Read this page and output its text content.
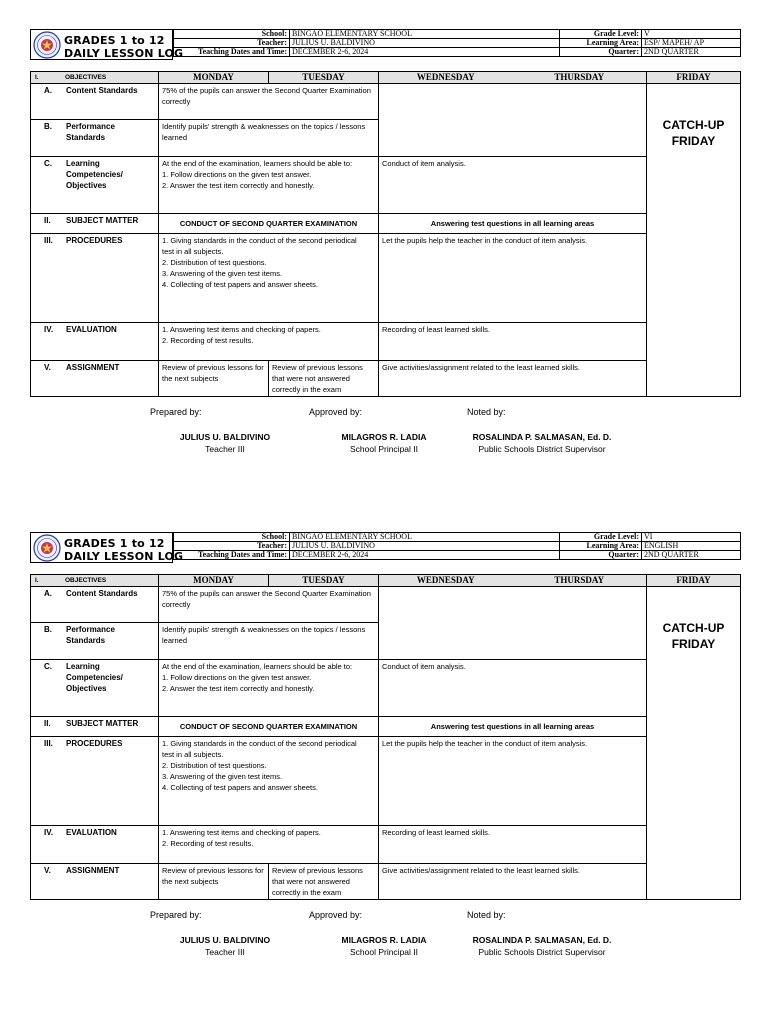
GRADES 1 to 12
DAILY LESSON LOG
School:	BINGAO ELEMENTARY SCHOOL	Grade Level:	V
Teacher:	JULIUS U. BALDIVINO	Learning Area:	ESP/ MAPEH/ AP
Teaching Dates and Time:	DECEMBER 2-6, 2024	Quarter:	2ND QUARTER
I. OBJECTIVES	MONDAY	TUESDAY	WEDNESDAY THURSDAY	FRIDAY
A. Content Standards	75% of the pupils can answer the Second Quarter Examination correctly			CATCH-UP FRIDAY
B. Performance Standards	Identify pupils' strength & weaknesses on the topics / lessons learned			
C. Learning Competencies/ Objectives	At the end of the examination, learners should be able to:
1. Follow directions on the given test answer.
2. Answer the test item correctly and honestly.		Conduct of item analysis.	
II. SUBJECT MATTER	CONDUCT OF SECOND QUARTER EXAMINATION		Answering test questions in all learning areas	
III. PROCEDURES	1. Giving standards in the conduct of the second periodical
test in all subjects.
2. Distribution of test questions.
3. Answering of the given test items.
4. Collecting of test papers and answer sheets.		Let the pupils help the teacher in the conduct of item analysis.	
IV. EVALUATION	1. Answering test items and checking of papers.
2. Recording of test results.		Recording of least learned skills.	
V. ASSIGNMENT	Review of previous lessons for the next subjects	Review of previous lessons that were not answered correctly in the exam	Give activities/assignment related to the least learned skills.	
Prepared by:	Approved by:	Noted by:
JULIUS U. BALDIVINO
Teacher III
MILAGROS R. LADIA
School Principal II
ROSALINDA P. SALMASAN, Ed. D.
Public Schools District Supervisor
GRADES 1 to 12
DAILY LESSON LOG
School:	BINGAO ELEMENTARY SCHOOL	Grade Level:	VI
Teacher:	JULIUS U. BALDIVINO	Learning Area:	ENGLISH
Teaching Dates and Time:	DECEMBER 2-6, 2024	Quarter:	2ND QUARTER
I. OBJECTIVES	MONDAY	TUESDAY	WEDNESDAY THURSDAY	FRIDAY
A. Content Standards	75% of the pupils can answer the Second Quarter Examination correctly			CATCH-UP FRIDAY
B. Performance Standards	Identify pupils' strength & weaknesses on the topics / lessons learned			
C. Learning Competencies/ Objectives	At the end of the examination, learners should be able to:
1. Follow directions on the given test answer.
2. Answer the test item correctly and honestly.		Conduct of item analysis.	
II. SUBJECT MATTER	CONDUCT OF SECOND QUARTER EXAMINATION		Answering test questions in all learning areas	
III. PROCEDURES	1. Giving standards in the conduct of the second periodical
test in all subjects.
2. Distribution of test questions.
3. Answering of the given test items.
4. Collecting of test papers and answer sheets.		Let the pupils help the teacher in the conduct of item analysis.	
IV. EVALUATION	1. Answering test items and checking of papers.
2. Recording of test results.		Recording of least learned skills.	
V. ASSIGNMENT	Review of previous lessons for the next subjects	Review of previous lessons that were not answered correctly in the exam	Give activities/assignment related to the least learned skills.	
Prepared by:	Approved by:	Noted by:
JULIUS U. BALDIVINO
Teacher III
MILAGROS R. LADIA
School Principal II
ROSALINDA P. SALMASAN, Ed. D.
Public Schools District Supervisor
